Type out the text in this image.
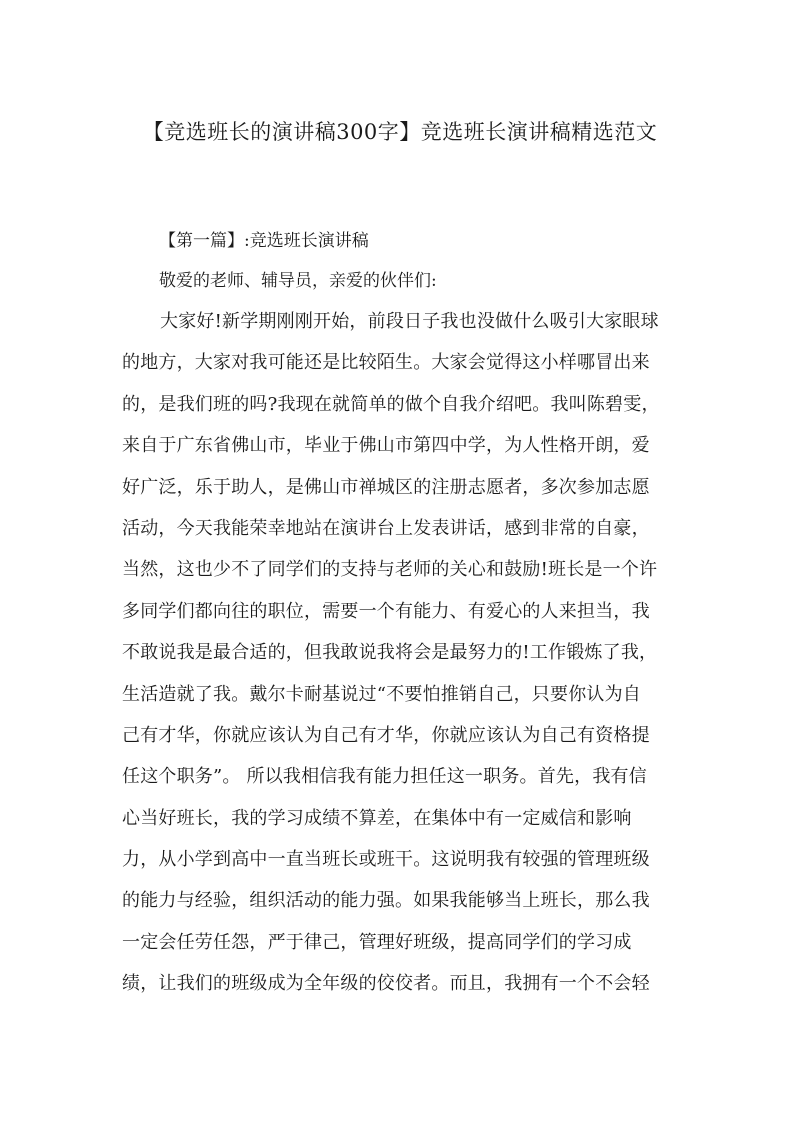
【竞选班长的演讲稿300字】竞选班长演讲稿精选范文

【第一篇】:竞选班长演讲稿

敬爱的老师、辅导员，亲爱的伙伴们:

大家好!新学期刚刚开始，前段日子我也没做什么吸引大家眼球
的地方，大家对我可能还是比较陌生。大家会觉得这小样哪冒出来
的，是我们班的吗?我现在就简单的做个自我介绍吧。我叫陈碧雯，
来自于广东省佛山市，毕业于佛山市第四中学，为人性格开朗，爱
好广泛，乐于助人，是佛山市禅城区的注册志愿者，多次参加志愿
活动，今天我能荣幸地站在演讲台上发表讲话，感到非常的自豪，
当然，这也少不了同学们的支持与老师的关心和鼓励!班长是一个许
多同学们都向往的职位，需要一个有能力、有爱心的人来担当，我
不敢说我是最合适的，但我敢说我将会是最努力的!工作锻炼了我，
生活造就了我。戴尔卡耐基说过“不要怕推销自己，只要你认为自
己有才华，你就应该认为自己有才华，你就应该认为自己有资格提
任这个职务”。 所以我相信我有能力担任这一职务。首先，我有信
心当好班长，我的学习成绩不算差，在集体中有一定威信和影响
力，从小学到高中一直当班长或班干。这说明我有较强的管理班级
的能力与经验，组织活动的能力强。如果我能够当上班长，那么我
一定会任劳任怨，严于律己，管理好班级，提高同学们的学习成
绩，让我们的班级成为全年级的佼佼者。而且，我拥有一个不会轻
